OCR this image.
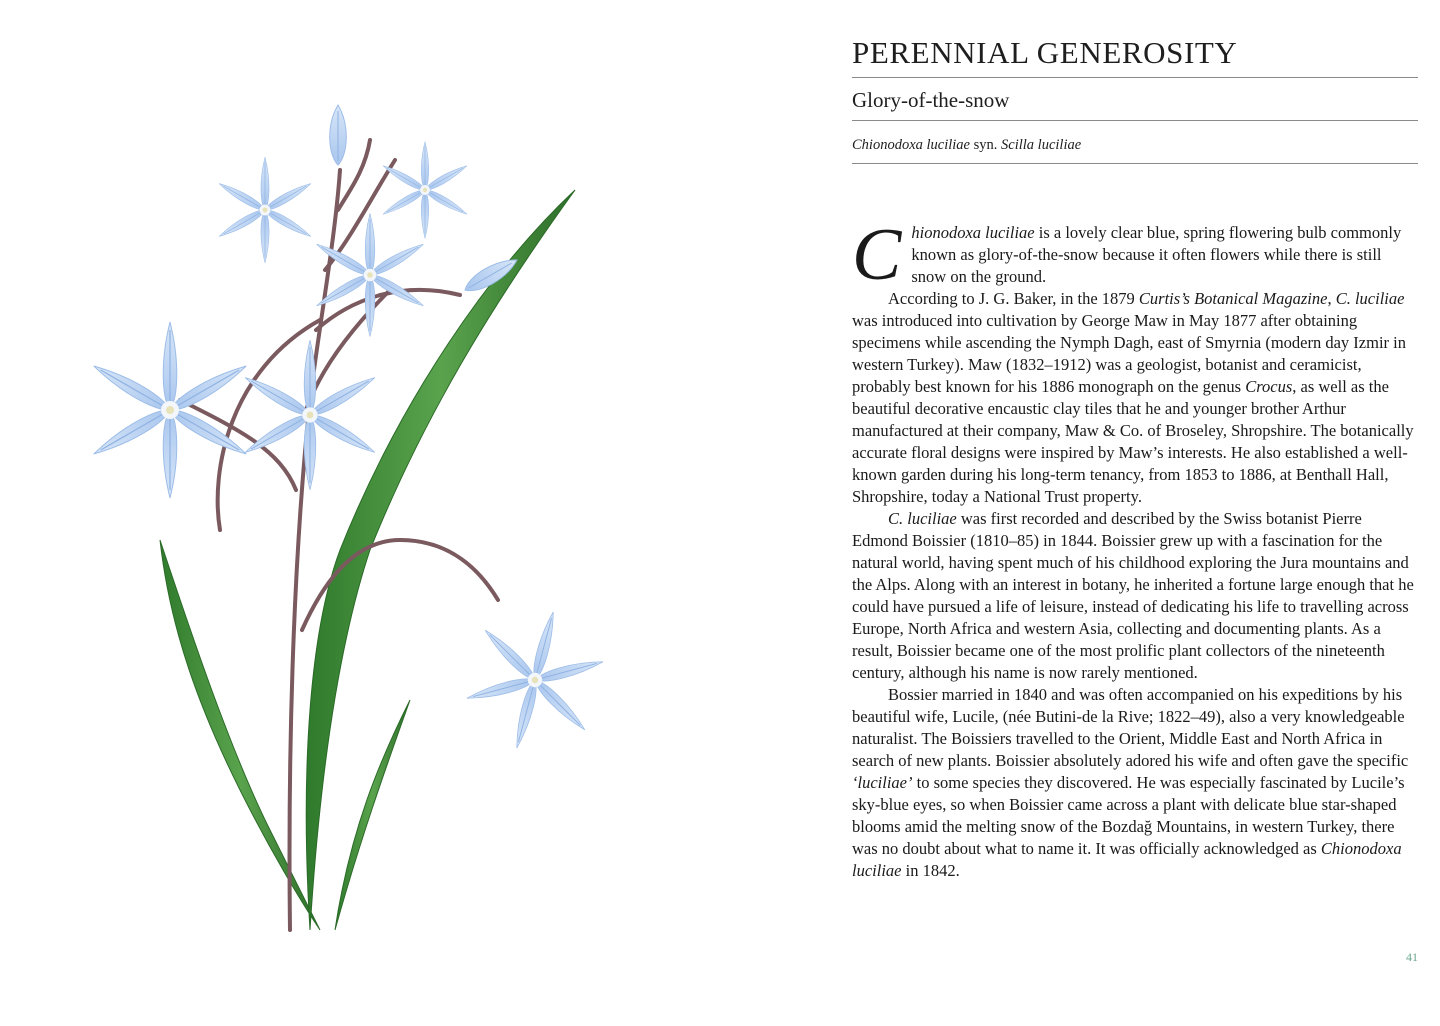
PERENNIAL GENEROSITY
Glory-of-the-snow

Chionodoxa luciliae syn. Scilla luciliae

Chionodoxa luciliae is a lovely clear blue, spring flowering bulb commonly known as glory-of-the-snow because it often flowers while there is still snow on the ground.

According to J. G. Baker, in the 1879 Curtis’s Botanical Magazine, C. luciliae was introduced into cultivation by George Maw in May 1877 after obtaining specimens while ascending the Nymph Dagh, east of Smyrnia (modern day Izmir in western Turkey). Maw (1832–1912) was a geologist, botanist and ceramicist, probably best known for his 1886 monograph on the genus Crocus, as well as the beautiful decorative encaustic clay tiles that he and younger brother Arthur manufactured at their company, Maw & Co. of Broseley, Shropshire. The botanically accurate floral designs were inspired by Maw’s interests. He also established a well-known garden during his long-term tenancy, from 1853 to 1886, at Benthall Hall, Shropshire, today a National Trust property.

C. luciliae was first recorded and described by the Swiss botanist Pierre Edmond Boissier (1810–85) in 1844. Boissier grew up with a fascination for the natural world, having spent much of his childhood exploring the Jura mountains and the Alps. Along with an interest in botany, he inherited a fortune large enough that he could have pursued a life of leisure, instead of dedicating his life to travelling across Europe, North Africa and western Asia, collecting and documenting plants. As a result, Boissier became one of the most prolific plant collectors of the nineteenth century, although his name is now rarely mentioned.

Bossier married in 1840 and was often accompanied on his expeditions by his beautiful wife, Lucile, (née Butini-de la Rive; 1822–49), also a very knowledgeable naturalist. The Boissiers travelled to the Orient, Middle East and North Africa in search of new plants. Boissier absolutely adored his wife and often gave the specific ‘luciliae’ to some species they discovered. He was especially fascinated by Lucile’s sky-blue eyes, so when Boissier came across a plant with delicate blue star-shaped blooms amid the melting snow of the Bozdağ Mountains, in western Turkey, there was no doubt about what to name it. It was officially acknowledged as Chionodoxa luciliae in 1842.

41
